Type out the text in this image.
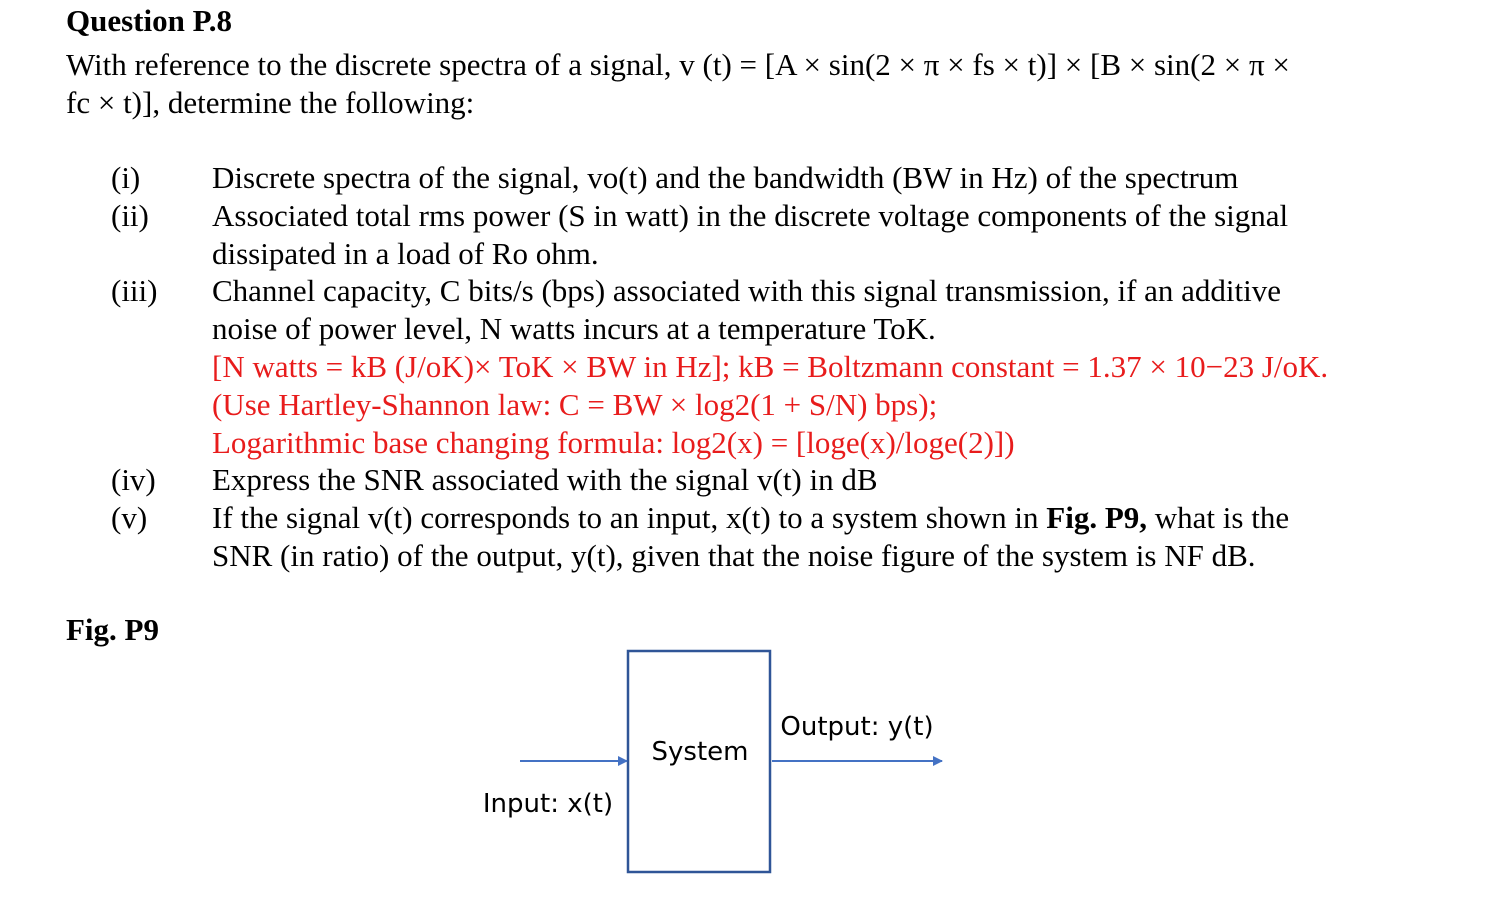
Question P.8

With reference to the discrete spectra of a signal, v (t) = [A × sin(2 × π × fs × t)] × [B × sin(2 × π ×
fc × t)], determine the following:

(i)	Discrete spectra of the signal, vo(t) and the bandwidth (BW in Hz) of the spectrum
(ii)	Associated total rms power (S in watt) in the discrete voltage components of the signal
dissipated in a load of Ro ohm.
(iii)	Channel capacity, C bits/s (bps) associated with this signal transmission, if an additive
noise of power level, N watts incurs at a temperature ToK.
[N watts = kB (J/oK)× ToK × BW in Hz]; kB = Boltzmann constant = 1.37 × 10−23 J/oK.
(Use Hartley-Shannon law: C = BW × log2(1 + S/N) bps);
Logarithmic base changing formula: log2(x) = [loge(x)/loge(2)])
(iv)	Express the SNR associated with the signal v(t) in dB
(v)	If the signal v(t) corresponds to an input, x(t) to a system shown in Fig. P9, what is the
SNR (in ratio) of the output, y(t), given that the noise figure of the system is NF dB.

Fig. P9

System
Input: x(t)
Output: y(t)
